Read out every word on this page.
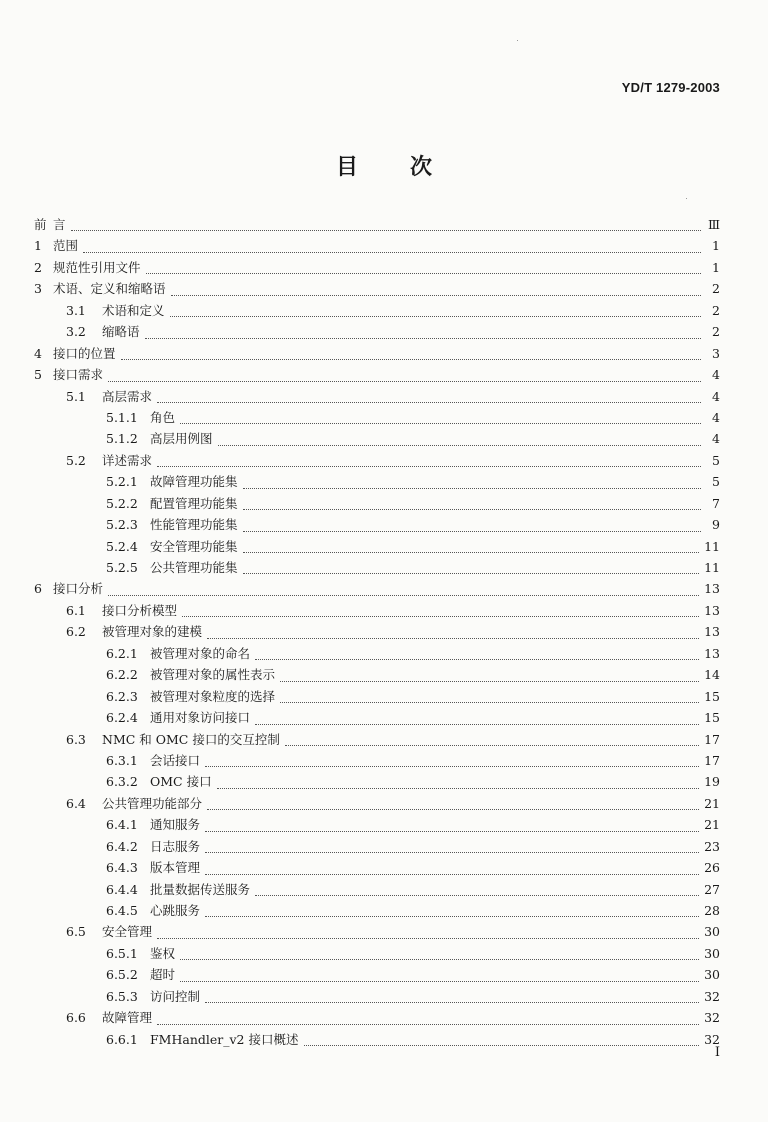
YD/T 1279-2003
目 次
前 言	Ⅲ
1 范围	1
2 规范性引用文件	1
3 术语、定义和缩略语	2
3.1	术语和定义	2
3.2	缩略语	2
4 接口的位置	3
5 接口需求	4
5.1	高层需求	4
5.1.1 角色	4
5.1.2 高层用例图	4
5.2	详述需求	5
5.2.1 故障管理功能集	5
5.2.2 配置管理功能集	7
5.2.3 性能管理功能集	9
5.2.4 安全管理功能集	11
5.2.5 公共管理功能集	11
6 接口分析	13
6.1	接口分析模型	13
6.2	被管理对象的建模	13
6.2.1 被管理对象的命名	13
6.2.2 被管理对象的属性表示	14
6.2.3 被管理对象粒度的选择	15
6.2.4 通用对象访问接口	15
6.3	NMC 和 OMC 接口的交互控制	17
6.3.1 会话接口	17
6.3.2 OMC 接口	19
6.4	公共管理功能部分	21
6.4.1 通知服务	21
6.4.2 日志服务	23
6.4.3 版本管理	26
6.4.4 批量数据传送服务	27
6.4.5 心跳服务	28
6.5	安全管理	30
6.5.1 鉴权	30
6.5.2 超时	30
6.5.3 访问控制	32
6.6	故障管理	32
6.6.1 FMHandler_v2 接口概述	32
I
